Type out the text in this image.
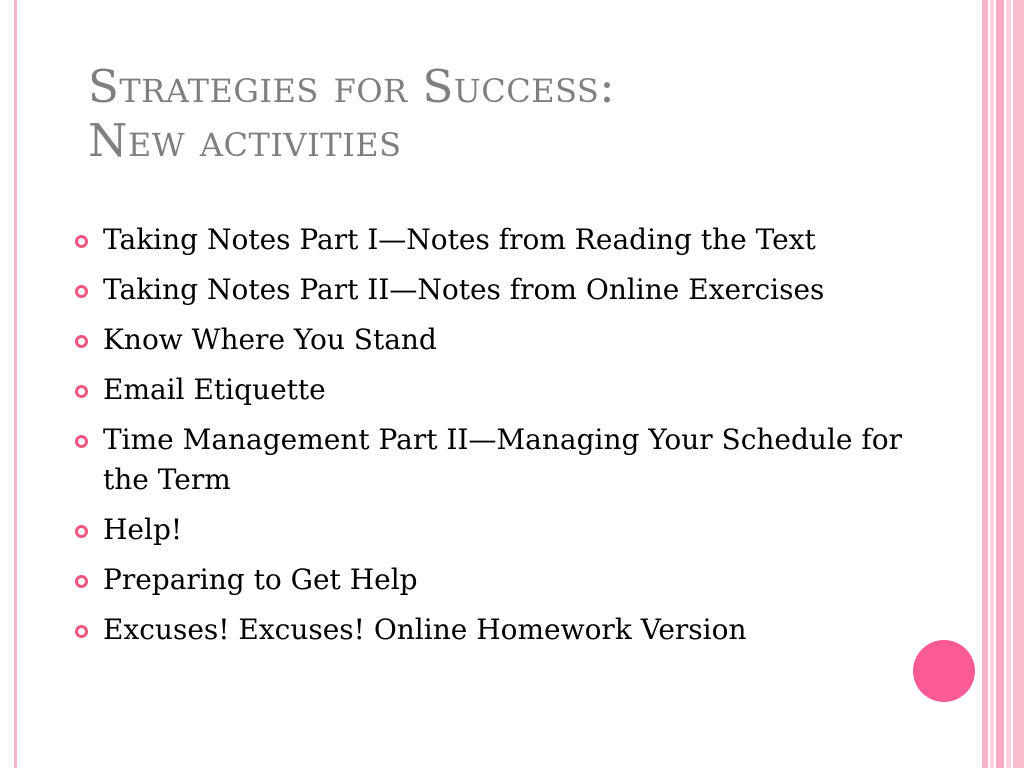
Strategies for Success:
New activities
Taking Notes Part I—Notes from Reading the Text
Taking Notes Part II—Notes from Online Exercises
Know Where You Stand
Email Etiquette
Time Management Part II—Managing Your Schedule for the Term
Help!
Preparing to Get Help
Excuses! Excuses! Online Homework Version
